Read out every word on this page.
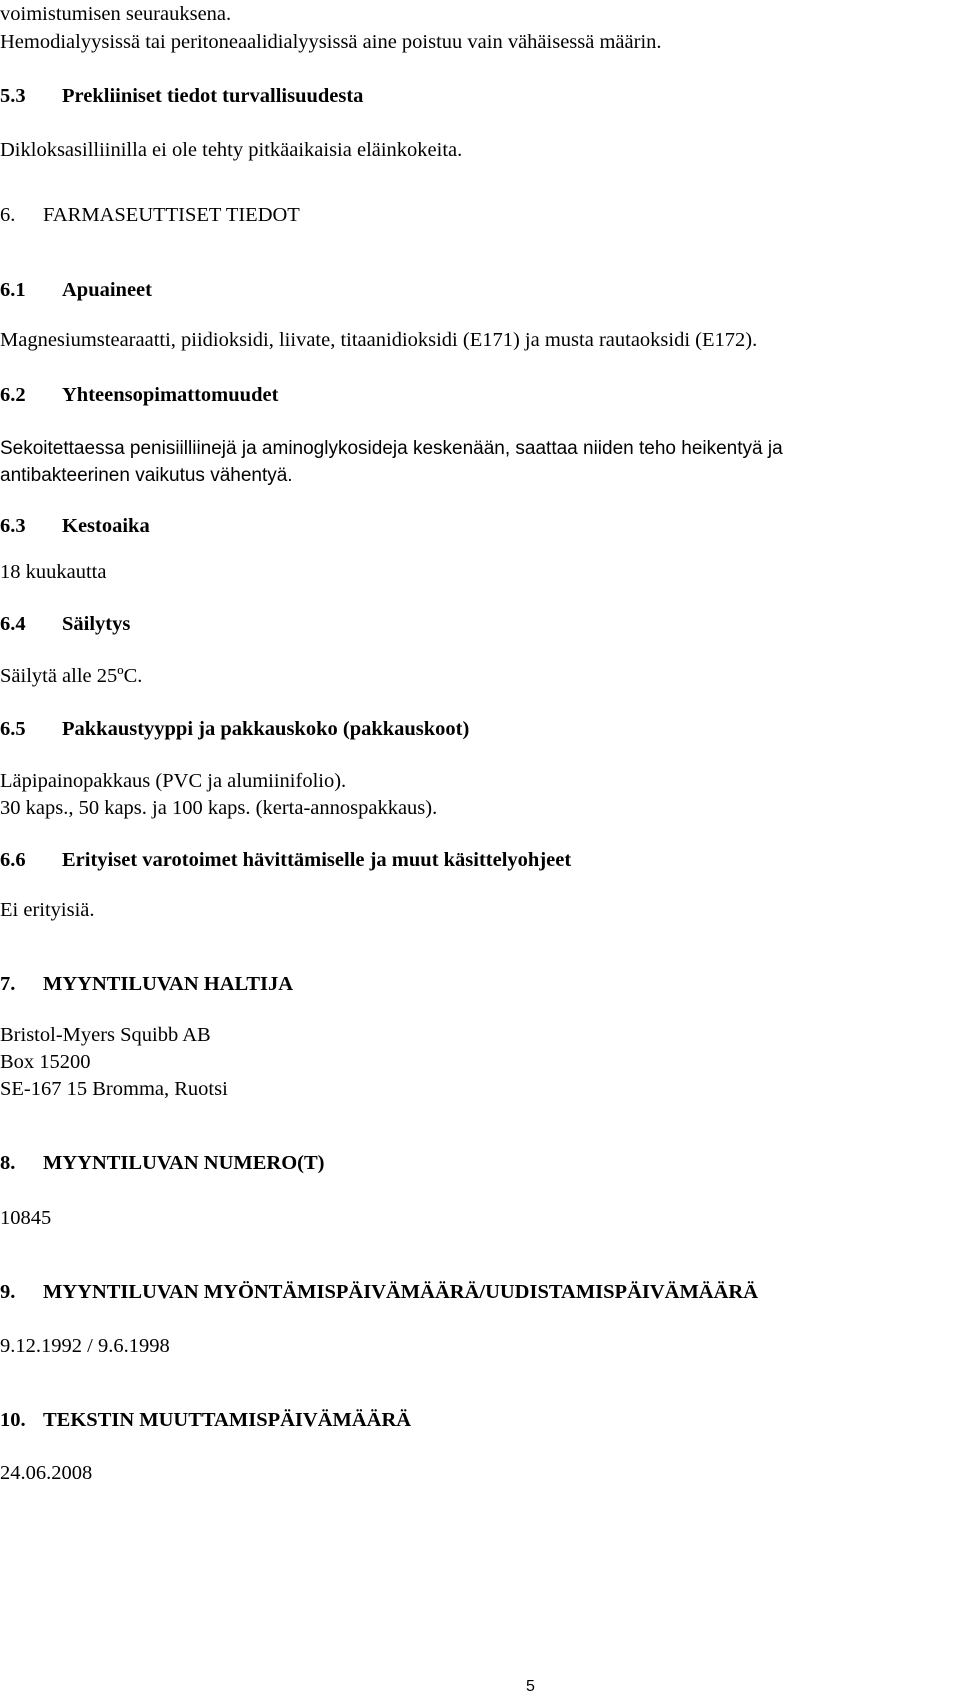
voimistumisen seurauksena.
Hemodialyysissä tai peritoneaalidialyysissä aine poistuu vain vähäisessä määrin.
5.3 Prekliiniset tiedot turvallisuudesta
Dikloksasilliinilla ei ole tehty pitkäaikaisia eläinkokeita.
6. FARMASEUTTISET TIEDOT
6.1 Apuaineet
Magnesiumstearaatti, piidioksidi, liivate, titaanidioksidi (E171) ja musta rautaoksidi (E172).
6.2 Yhteensopimattomuudet
Sekoitettaessa penisiilliinejä ja aminoglykosideja keskenään, saattaa niiden teho heikentyä ja
antibakteerinen vaikutus vähentyä.
6.3 Kestoaika
18 kuukautta
6.4 Säilytys
Säilytä alle 25ºC.
6.5 Pakkaustyyppi ja pakkauskoko (pakkauskoot)
Läpipainopakkaus (PVC ja alumiinifolio).
30 kaps., 50 kaps. ja 100 kaps. (kerta-annospakkaus).
6.6 Erityiset varotoimet hävittämiselle ja muut käsittelyohjeet
Ei erityisiä.
7. MYYNTILUVAN HALTIJA
Bristol-Myers Squibb AB
Box 15200
SE-167 15 Bromma, Ruotsi
8. MYYNTILUVAN NUMERO(T)
10845
9. MYYNTILUVAN MYÖNTÄMISPÄIVÄMÄÄRÄ/UUDISTAMISPÄIVÄMÄÄRÄ
9.12.1992 / 9.6.1998
10. TEKSTIN MUUTTAMISPÄIVÄMÄÄRÄ
24.06.2008
5
